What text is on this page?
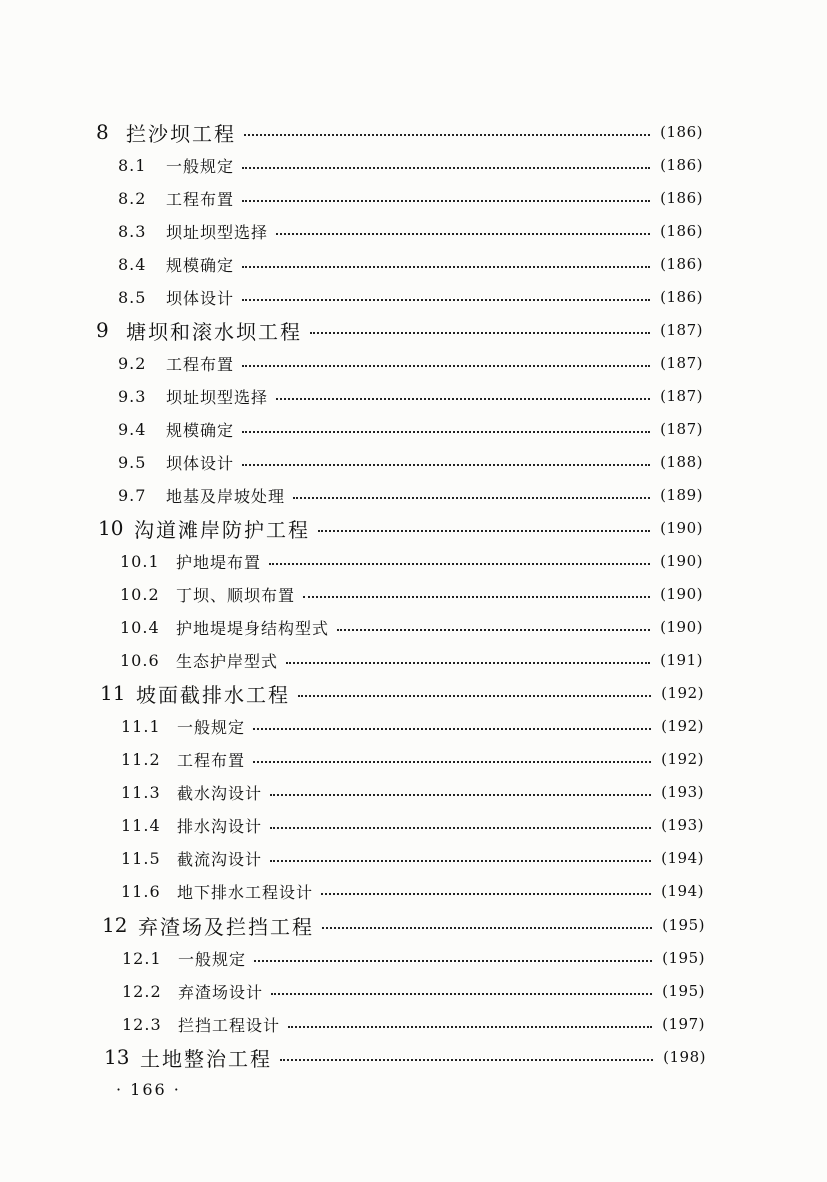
8 拦沙坝工程	(186)
8.1	一般规定	(186)
8.2	工程布置	(186)
8.3	坝址坝型选择	(186)
8.4	规模确定	(186)
8.5	坝体设计	(186)
9 塘坝和滚水坝工程	(187)
9.2	工程布置	(187)
9.3	坝址坝型选择	(187)
9.4	规模确定	(187)
9.5	坝体设计	(188)
9.7	地基及岸坡处理	(189)
10 沟道滩岸防护工程	(190)
10.1	护地堤布置	(190)
10.2	丁坝、顺坝布置	(190)
10.4	护地堤堤身结构型式	(190)
10.6	生态护岸型式	(191)
11 坡面截排水工程	(192)
11.1	一般规定	(192)
11.2	工程布置	(192)
11.3	截水沟设计	(193)
11.4	排水沟设计	(193)
11.5	截流沟设计	(194)
11.6	地下排水工程设计	(194)
12 弃渣场及拦挡工程	(195)
12.1	一般规定	(195)
12.2	弃渣场设计	(195)
12.3	拦挡工程设计	(197)
13 土地整治工程	(198)
· 166 ·
